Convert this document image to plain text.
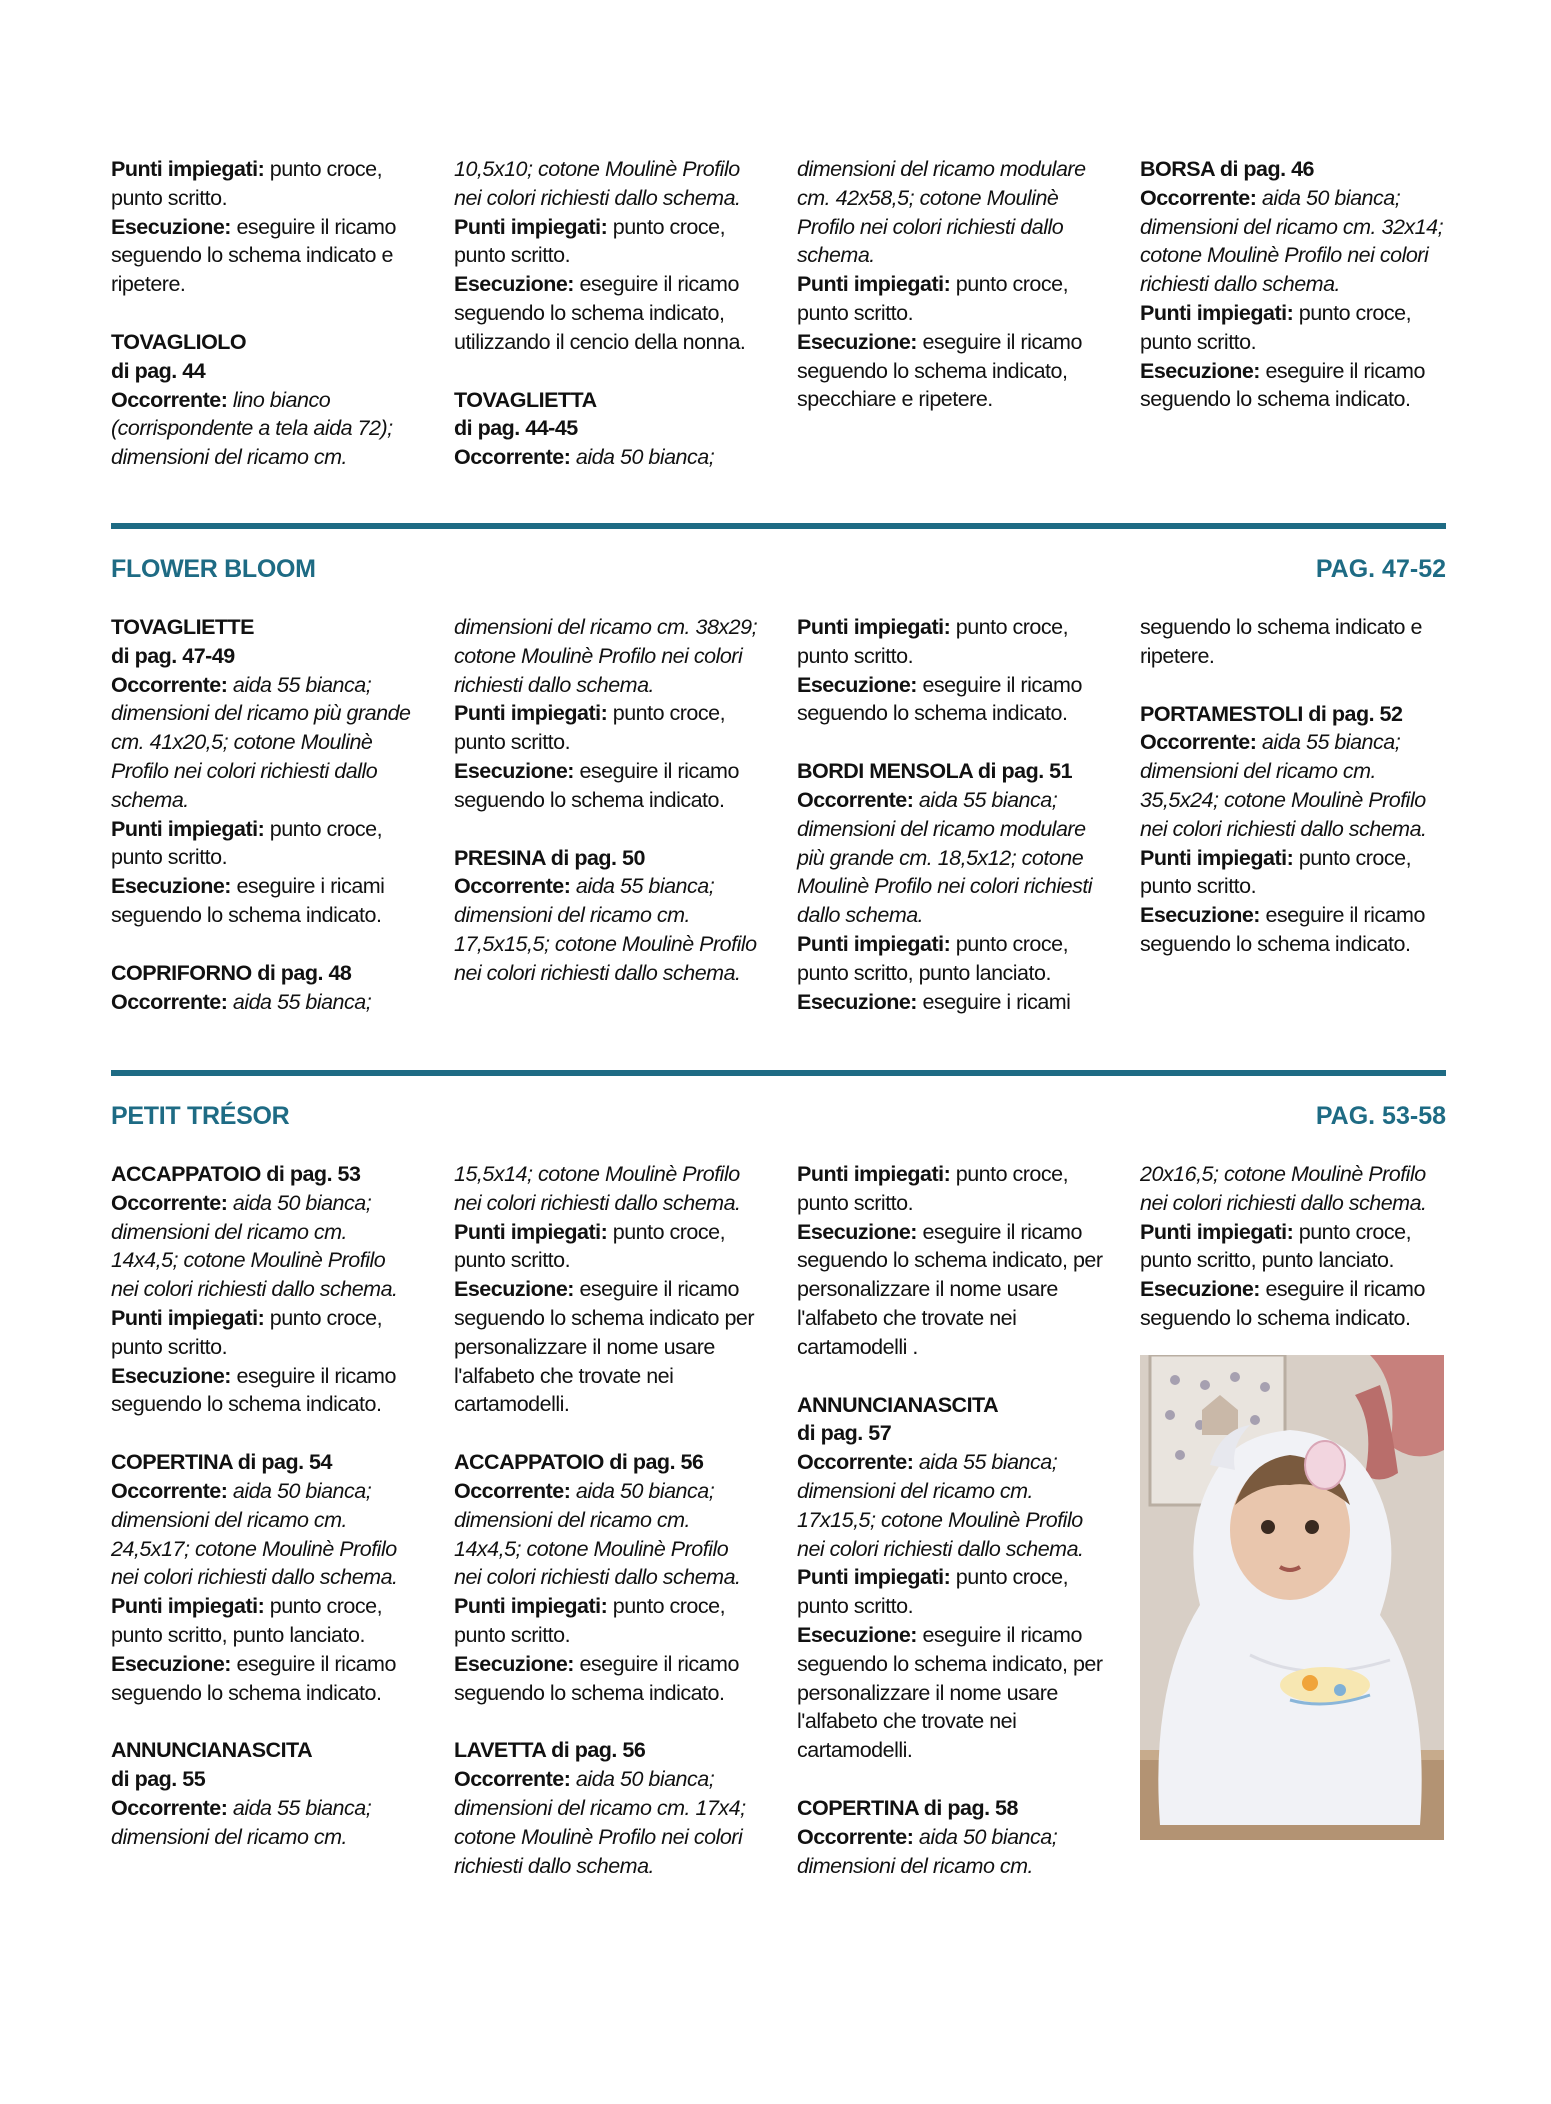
Punti impiegati: punto croce, punto scritto.

Esecuzione: eseguire il ricamo seguendo lo schema indicato e ripetere.

TOVAGLIOLO
di pag. 44

Occorrente: lino bianco (corrispondente a tela aida 72); dimensioni del ricamo cm.

10,5x10; cotone Moulinè Profilo nei colori richiesti dallo schema.

Punti impiegati: punto croce, punto scritto.

Esecuzione: eseguire il ricamo seguendo lo schema indicato, utilizzando il cencio della nonna.

TOVAGLIETTA
di pag. 44-45

Occorrente: aida 50 bianca;

dimensioni del ricamo modulare cm. 42x58,5; cotone Moulinè Profilo nei colori richiesti dallo schema.

Punti impiegati: punto croce, punto scritto.

Esecuzione: eseguire il ricamo seguendo lo schema indicato, specchiare e ripetere.

BORSA di pag. 46

Occorrente: aida 50 bianca; dimensioni del ricamo cm. 32x14; cotone Moulinè Profilo nei colori richiesti dallo schema.

Punti impiegati: punto croce, punto scritto.

Esecuzione: eseguire il ricamo seguendo lo schema indicato.

FLOWER BLOOM	PAG. 47-52
TOVAGLIETTE
di pag. 47-49

Occorrente: aida 55 bianca; dimensioni del ricamo più grande cm. 41x20,5; cotone Moulinè Profilo nei colori richiesti dallo schema.

Punti impiegati: punto croce, punto scritto.

Esecuzione: eseguire i ricami seguendo lo schema indicato.

COPRIFORNO di pag. 48

Occorrente: aida 55 bianca;

dimensioni del ricamo cm. 38x29; cotone Moulinè Profilo nei colori richiesti dallo schema.

Punti impiegati: punto croce, punto scritto.

Esecuzione: eseguire il ricamo seguendo lo schema indicato.

PRESINA di pag. 50

Occorrente: aida 55 bianca; dimensioni del ricamo cm. 17,5x15,5; cotone Moulinè Profilo nei colori richiesti dallo schema.

Punti impiegati: punto croce, punto scritto.

Esecuzione: eseguire il ricamo seguendo lo schema indicato.

BORDI MENSOLA di pag. 51

Occorrente: aida 55 bianca; dimensioni del ricamo modulare più grande cm. 18,5x12; cotone Moulinè Profilo nei colori richiesti dallo schema.

Punti impiegati: punto croce, punto scritto, punto lanciato.

Esecuzione: eseguire i ricami

seguendo lo schema indicato e ripetere.

PORTAMESTOLI di pag. 52

Occorrente: aida 55 bianca; dimensioni del ricamo cm. 35,5x24; cotone Moulinè Profilo nei colori richiesti dallo schema.

Punti impiegati: punto croce, punto scritto.

Esecuzione: eseguire il ricamo seguendo lo schema indicato.

PETIT TRÉSOR	PAG. 53-58
ACCAPPATOIO di pag. 53

Occorrente: aida 50 bianca; dimensioni del ricamo cm. 14x4,5; cotone Moulinè Profilo nei colori richiesti dallo schema.

Punti impiegati: punto croce, punto scritto.

Esecuzione: eseguire il ricamo seguendo lo schema indicato.

COPERTINA di pag. 54

Occorrente: aida 50 bianca; dimensioni del ricamo cm. 24,5x17; cotone Moulinè Profilo nei colori richiesti dallo schema.

Punti impiegati: punto croce, punto scritto, punto lanciato.

Esecuzione: eseguire il ricamo seguendo lo schema indicato.

ANNUNCIANASCITA
di pag. 55

Occorrente: aida 55 bianca; dimensioni del ricamo cm.

15,5x14; cotone Moulinè Profilo nei colori richiesti dallo schema.

Punti impiegati: punto croce, punto scritto.

Esecuzione: eseguire il ricamo seguendo lo schema indicato per personalizzare il nome usare l'alfabeto che trovate nei cartamodelli.

ACCAPPATOIO di pag. 56

Occorrente: aida 50 bianca; dimensioni del ricamo cm. 14x4,5; cotone Moulinè Profilo nei colori richiesti dallo schema.

Punti impiegati: punto croce, punto scritto.

Esecuzione: eseguire il ricamo seguendo lo schema indicato.

LAVETTA di pag. 56

Occorrente: aida 50 bianca; dimensioni del ricamo cm. 17x4; cotone Moulinè Profilo nei colori richiesti dallo schema.

Punti impiegati: punto croce, punto scritto.

Esecuzione: eseguire il ricamo seguendo lo schema indicato, per personalizzare il nome usare l'alfabeto che trovate nei cartamodelli .

ANNUNCIANASCITA
di pag. 57

Occorrente: aida 55 bianca; dimensioni del ricamo cm. 17x15,5; cotone Moulinè Profilo nei colori richiesti dallo schema.

Punti impiegati: punto croce, punto scritto.

Esecuzione: eseguire il ricamo seguendo lo schema indicato, per personalizzare il nome usare l'alfabeto che trovate nei cartamodelli.

COPERTINA di pag. 58

Occorrente: aida 50 bianca; dimensioni del ricamo cm.

20x16,5; cotone Moulinè Profilo nei colori richiesti dallo schema.

Punti impiegati: punto croce, punto scritto, punto lanciato.

Esecuzione: eseguire il ricamo seguendo lo schema indicato.
